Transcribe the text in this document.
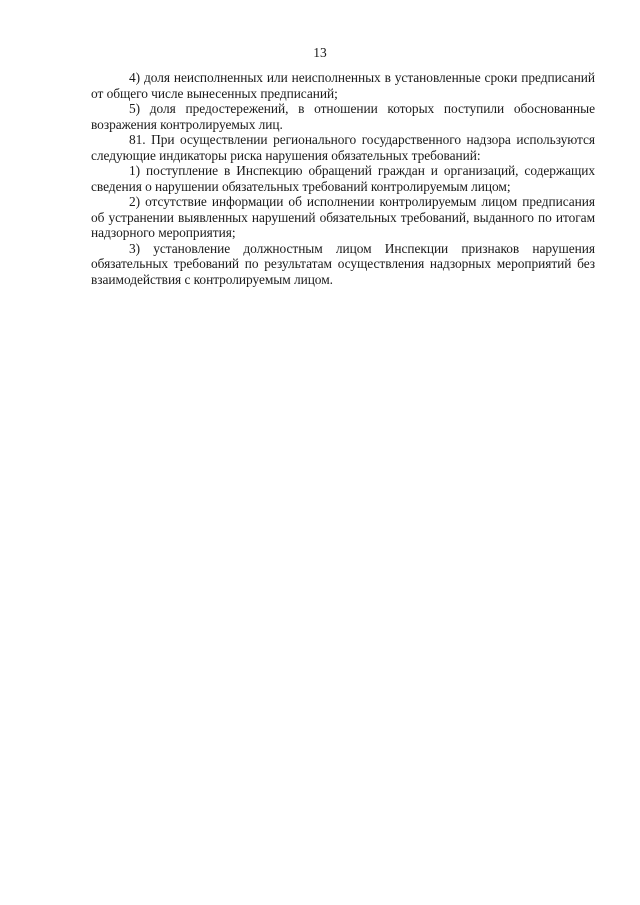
13

4) доля неисполненных или неисполненных в установленные сроки предписаний от общего числе вынесенных предписаний;

5) доля предостережений, в отношении которых поступили обоснованные возражения контролируемых лиц.

81. При осуществлении регионального государственного надзора используются следующие индикаторы риска нарушения обязательных требований:

1) поступление в Инспекцию обращений граждан и организаций, содержащих сведения о нарушении обязательных требований контролируемым лицом;

2) отсутствие информации об исполнении контролируемым лицом предписания об устранении выявленных нарушений обязательных требований, выданного по итогам надзорного мероприятия;

3) установление должностным лицом Инспекции признаков нарушения обязательных требований по результатам осуществления надзорных мероприятий без взаимодействия с контролируемым лицом.
